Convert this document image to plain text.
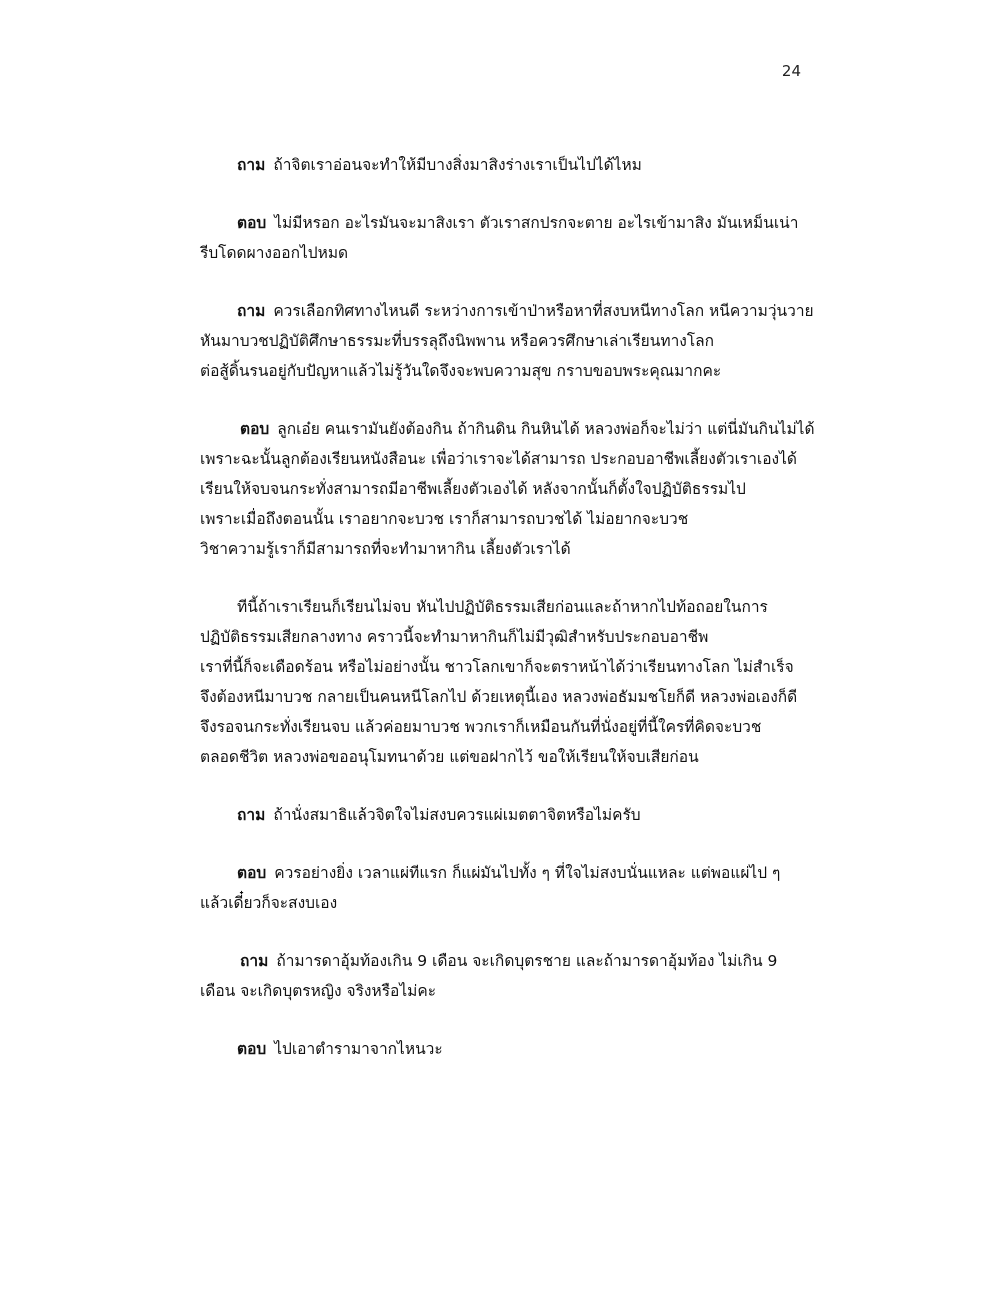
24
ถาม ถ้าจิตเราอ่อนจะทำให้มีบางสิ่งมาสิงร่างเราเป็นไปได้ไหม
ตอบ ไม่มีหรอก อะไรมันจะมาสิงเรา ตัวเราสกปรกจะตาย อะไรเข้ามาสิง มันเหม็นเน่า
รีบโดดผางออกไปหมด
ถาม ควรเลือกทิศทางไหนดี ระหว่างการเข้าป่าหรือหาที่สงบหนีทางโลก หนีความวุ่นวาย
หันมาบวชปฏิบัติศึกษาธรรมะที่บรรลุถึงนิพพาน หรือควรศึกษาเล่าเรียนทางโลก
ต่อสู้ดิ้นรนอยู่กับปัญหาแล้วไม่รู้วันใดจึงจะพบความสุข กราบขอบพระคุณมากคะ
ตอบ ลูกเอ๋ย คนเรามันยังต้องกิน ถ้ากินดิน กินหินได้ หลวงพ่อก็จะไม่ว่า แต่นี่มันกินไม่ได้
เพราะฉะนั้นลูกต้องเรียนหนังสือนะ เพื่อว่าเราจะได้สามารถ ประกอบอาชีพเลี้ยงตัวเราเองได้
เรียนให้จบจนกระทั่งสามารถมีอาชีพเลี้ยงตัวเองได้ หลังจากนั้นก็ตั้งใจปฏิบัติธรรมไป
เพราะเมื่อถึงตอนนั้น เราอยากจะบวช เราก็สามารถบวชได้ ไม่อยากจะบวช
วิชาความรู้เราก็มีสามารถที่จะทำมาหากิน เลี้ยงตัวเราได้
ทีนี้ถ้าเราเรียนก็เรียนไม่จบ หันไปปฏิบัติธรรมเสียก่อนและถ้าหากไปท้อถอยในการ
ปฏิบัติธรรมเสียกลางทาง คราวนี้จะทำมาหากินก็ไม่มีวุฒิสำหรับประกอบอาชีพ
เราที่นี้ก็จะเดือดร้อน หรือไม่อย่างนั้น ชาวโลกเขาก็จะตราหน้าได้ว่าเรียนทางโลก ไม่สำเร็จ
จึงต้องหนีมาบวช กลายเป็นคนหนีโลกไป ด้วยเหตุนี้เอง หลวงพ่อธัมมชโยก็ดี หลวงพ่อเองก็ดี
จึงรอจนกระทั่งเรียนจบ แล้วค่อยมาบวช พวกเราก็เหมือนกันที่นั่งอยู่ที่นี้ใครที่คิดจะบวช
ตลอดชีวิต หลวงพ่อขออนุโมทนาด้วย แต่ขอฝากไว้ ขอให้เรียนให้จบเสียก่อน
ถาม ถ้านั่งสมาธิแล้วจิตใจไม่สงบควรแผ่เมตตาจิตหรือไม่ครับ
ตอบ ควรอย่างยิ่ง เวลาแผ่ทีแรก ก็แผ่มันไปทั้ง ๆ ที่ใจไม่สงบนั่นแหละ แต่พอแผ่ไป ๆ
แล้วเดี๋ยวก็จะสงบเอง
ถาม ถ้ามารดาอุ้มท้องเกิน 9 เดือน จะเกิดบุตรชาย และถ้ามารดาอุ้มท้อง ไม่เกิน 9
เดือน จะเกิดบุตรหญิง จริงหรือไม่คะ
ตอบ ไปเอาตำรามาจากไหนวะ
